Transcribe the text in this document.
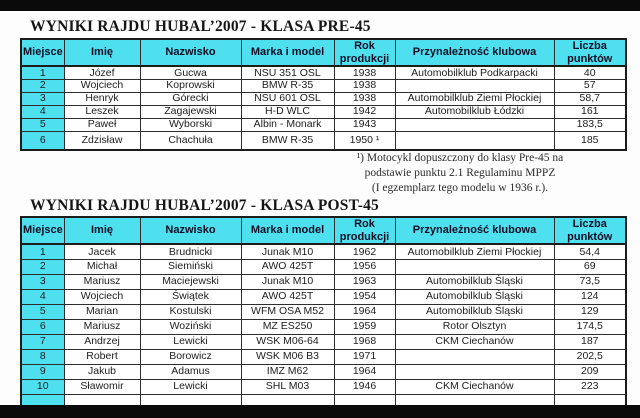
WYNIKI RAJDU HUBAL’2007 - KLASA PRE-45
Miejsce	Imię	Nazwisko	Marka i model	Rok produkcji	Przynależność klubowa	Liczba punktów
1	Józef	Gucwa	NSU 351 OSL	1938	Automobilklub Podkarpacki	40
2	Wojciech	Koprowski	BMW R-35	1938		57
3	Henryk	Górecki	NSU 601 OSL	1938	Automobilklub Ziemi Płockiej	58,7
4	Leszek	Zagajewski	H-D WLC	1942	Automobilklub Łódzki	161
5	Paweł	Wyborski	Albin - Monark	1943		183,5
6	Zdzisław	Chachuła	BMW R-35	1950 ¹		185
¹) Motocykl dopuszczony do klasy Pre-45 na
podstawie punktu 2.1 Regulaminu MPPZ
(I egzemplarz tego modelu w 1936 r.).
WYNIKI RAJDU HUBAL’2007 - KLASA POST-45
Miejsce	Imię	Nazwisko	Marka i model	Rok produkcji	Przynależność klubowa	Liczba punktów
1	Jacek	Brudnicki	Junak M10	1962	Automobilklub Ziemi Płockiej	54,4
2	Michał	Siemiński	AWO 425T	1956		69
3	Mariusz	Maciejewski	Junak M10	1963	Automobilklub Śląski	73,5
4	Wojciech	Świątek	AWO 425T	1954	Automobilklub Śląski	124
5	Marian	Kostulski	WFM OSA M52	1964	Automobilklub Śląski	129
6	Mariusz	Woziński	MZ ES250	1959	Rotor Olsztyn	174,5
7	Andrzej	Lewicki	WSK M06-64	1968	CKM Ciechanów	187
8	Robert	Borowicz	WSK M06 B3	1971		202,5
9	Jakub	Adamus	IMZ M62	1964		209
10	Sławomir	Lewicki	SHL M03	1946	CKM Ciechanów	223
